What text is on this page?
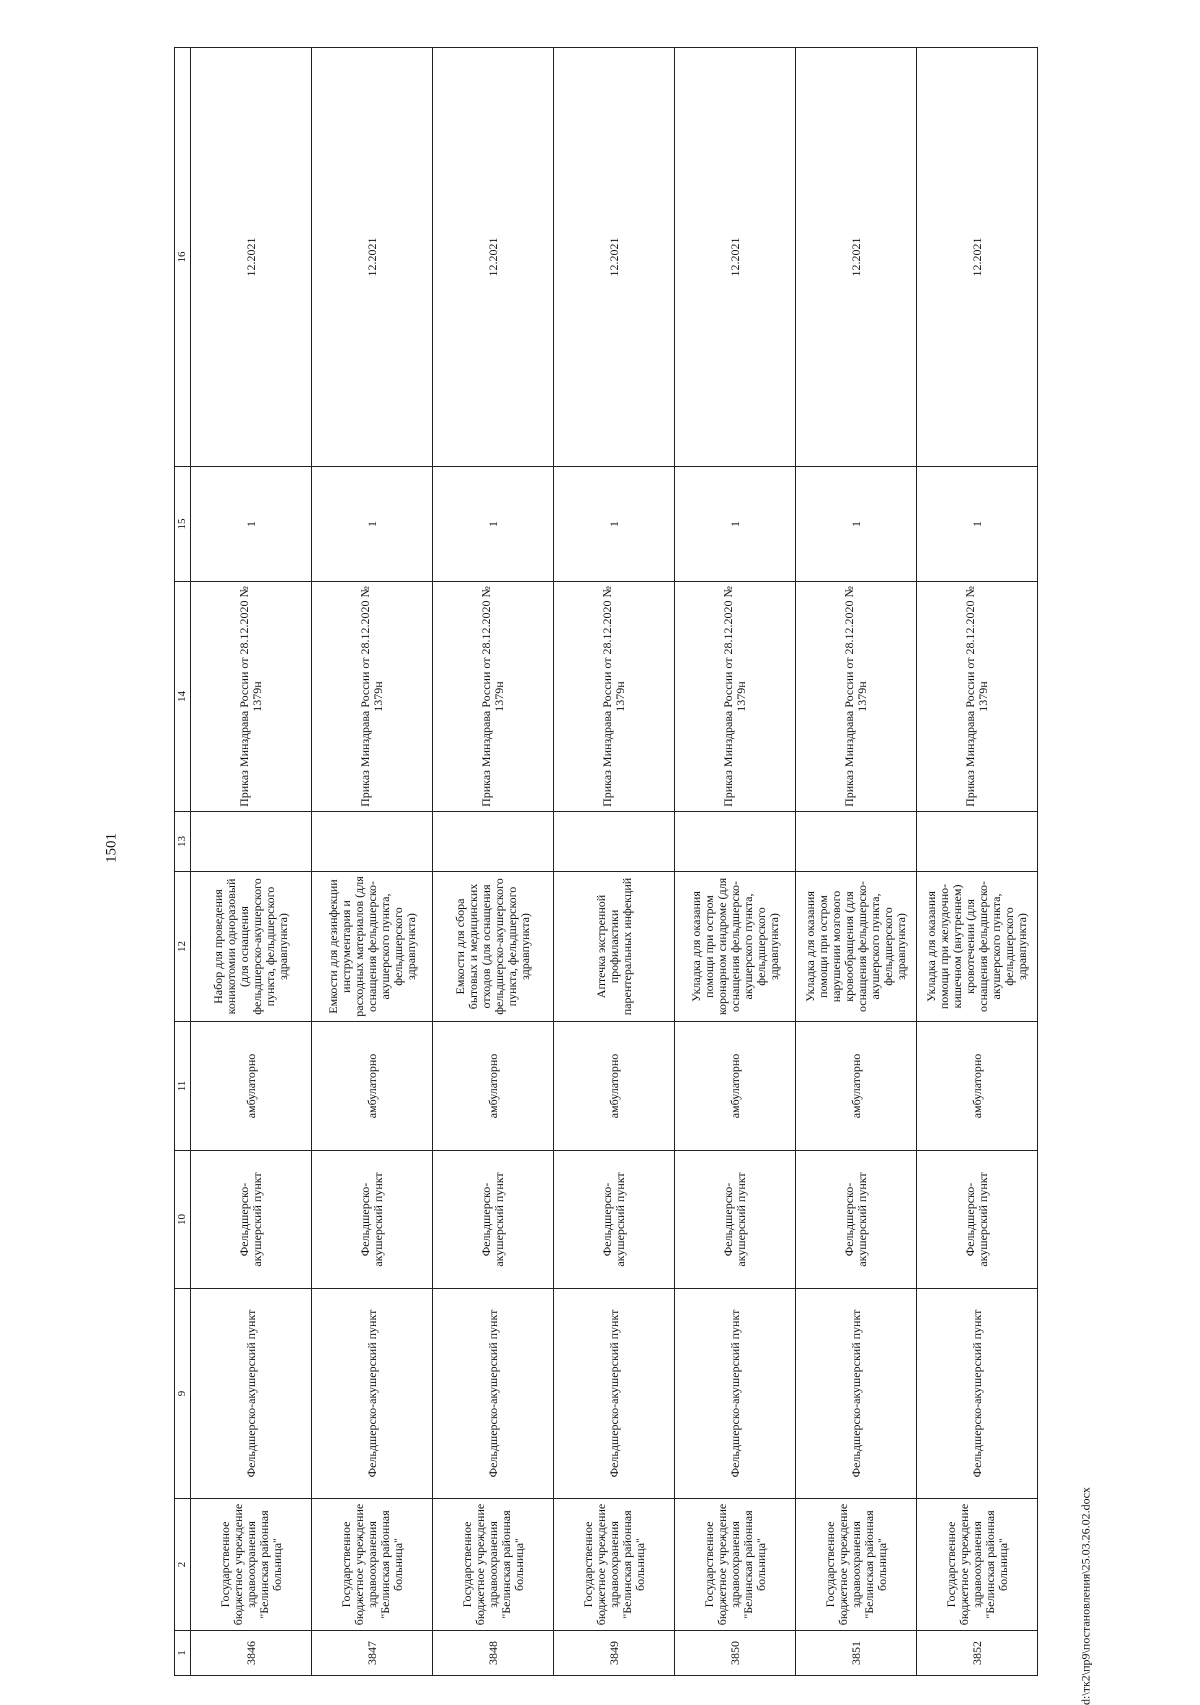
1501
1	2	9	10	11	12	13	14	15	16
3846	Государственное бюджетное учреждение здравоохранения "Белинская районная больница"	Фельдшерско-акушерский пункт	Фельдшерско-акушерский пункт	амбулаторно	Набор для проведения коникотомии одноразовый (для оснащения фельдшерско-акушерского пункта, фельдшерского здравпункта)		Приказ Минздрава России от 28.12.2020 № 1379н	1	12.2021
3847	Государственное бюджетное учреждение здравоохранения "Белинская районная больница"	Фельдшерско-акушерский пункт	Фельдшерско-акушерский пункт	амбулаторно	Емкости для дезинфекции инструментария и расходных материалов (для оснащения фельдшерско-акушерского пункта, фельдшерского здравпункта)		Приказ Минздрава России от 28.12.2020 № 1379н	1	12.2021
3848	Государственное бюджетное учреждение здравоохранения "Белинская районная больница"	Фельдшерско-акушерский пункт	Фельдшерско-акушерский пункт	амбулаторно	Емкости для сбора бытовых и медицинских отходов (для оснащения фельдшерско-акушерского пункта, фельдшерского здравпункта)		Приказ Минздрава России от 28.12.2020 № 1379н	1	12.2021
3849	Государственное бюджетное учреждение здравоохранения "Белинская районная больница"	Фельдшерско-акушерский пункт	Фельдшерско-акушерский пункт	амбулаторно	Аптечка экстренной профилактики парентеральных инфекций		Приказ Минздрава России от 28.12.2020 № 1379н	1	12.2021
3850	Государственное бюджетное учреждение здравоохранения "Белинская районная больница"	Фельдшерско-акушерский пункт	Фельдшерско-акушерский пункт	амбулаторно	Укладка для оказания помощи при остром коронарном синдроме (для оснащения фельдшерско-акушерского пункта, фельдшерского здравпункта)		Приказ Минздрава России от 28.12.2020 № 1379н	1	12.2021
3851	Государственное бюджетное учреждение здравоохранения "Белинская районная больница"	Фельдшерско-акушерский пункт	Фельдшерско-акушерский пункт	амбулаторно	Укладка для оказания помощи при остром нарушении мозгового кровообращения (для оснащения фельдшерско-акушерского пункта, фельдшерского здравпункта)		Приказ Минздрава России от 28.12.2020 № 1379н	1	12.2021
3852	Государственное бюджетное учреждение здравоохранения "Белинская районная больница"	Фельдшерско-акушерский пункт	Фельдшерско-акушерский пункт	амбулаторно	Укладка для оказания помощи при желудочно-кишечном (внутреннем) кровотечении (для оснащения фельдшерско-акушерского пункта, фельдшерского здравпункта)		Приказ Минздрава России от 28.12.2020 № 1379н	1	12.2021
d:\тк2\пр9\постановления\25.03.26.02.docx
